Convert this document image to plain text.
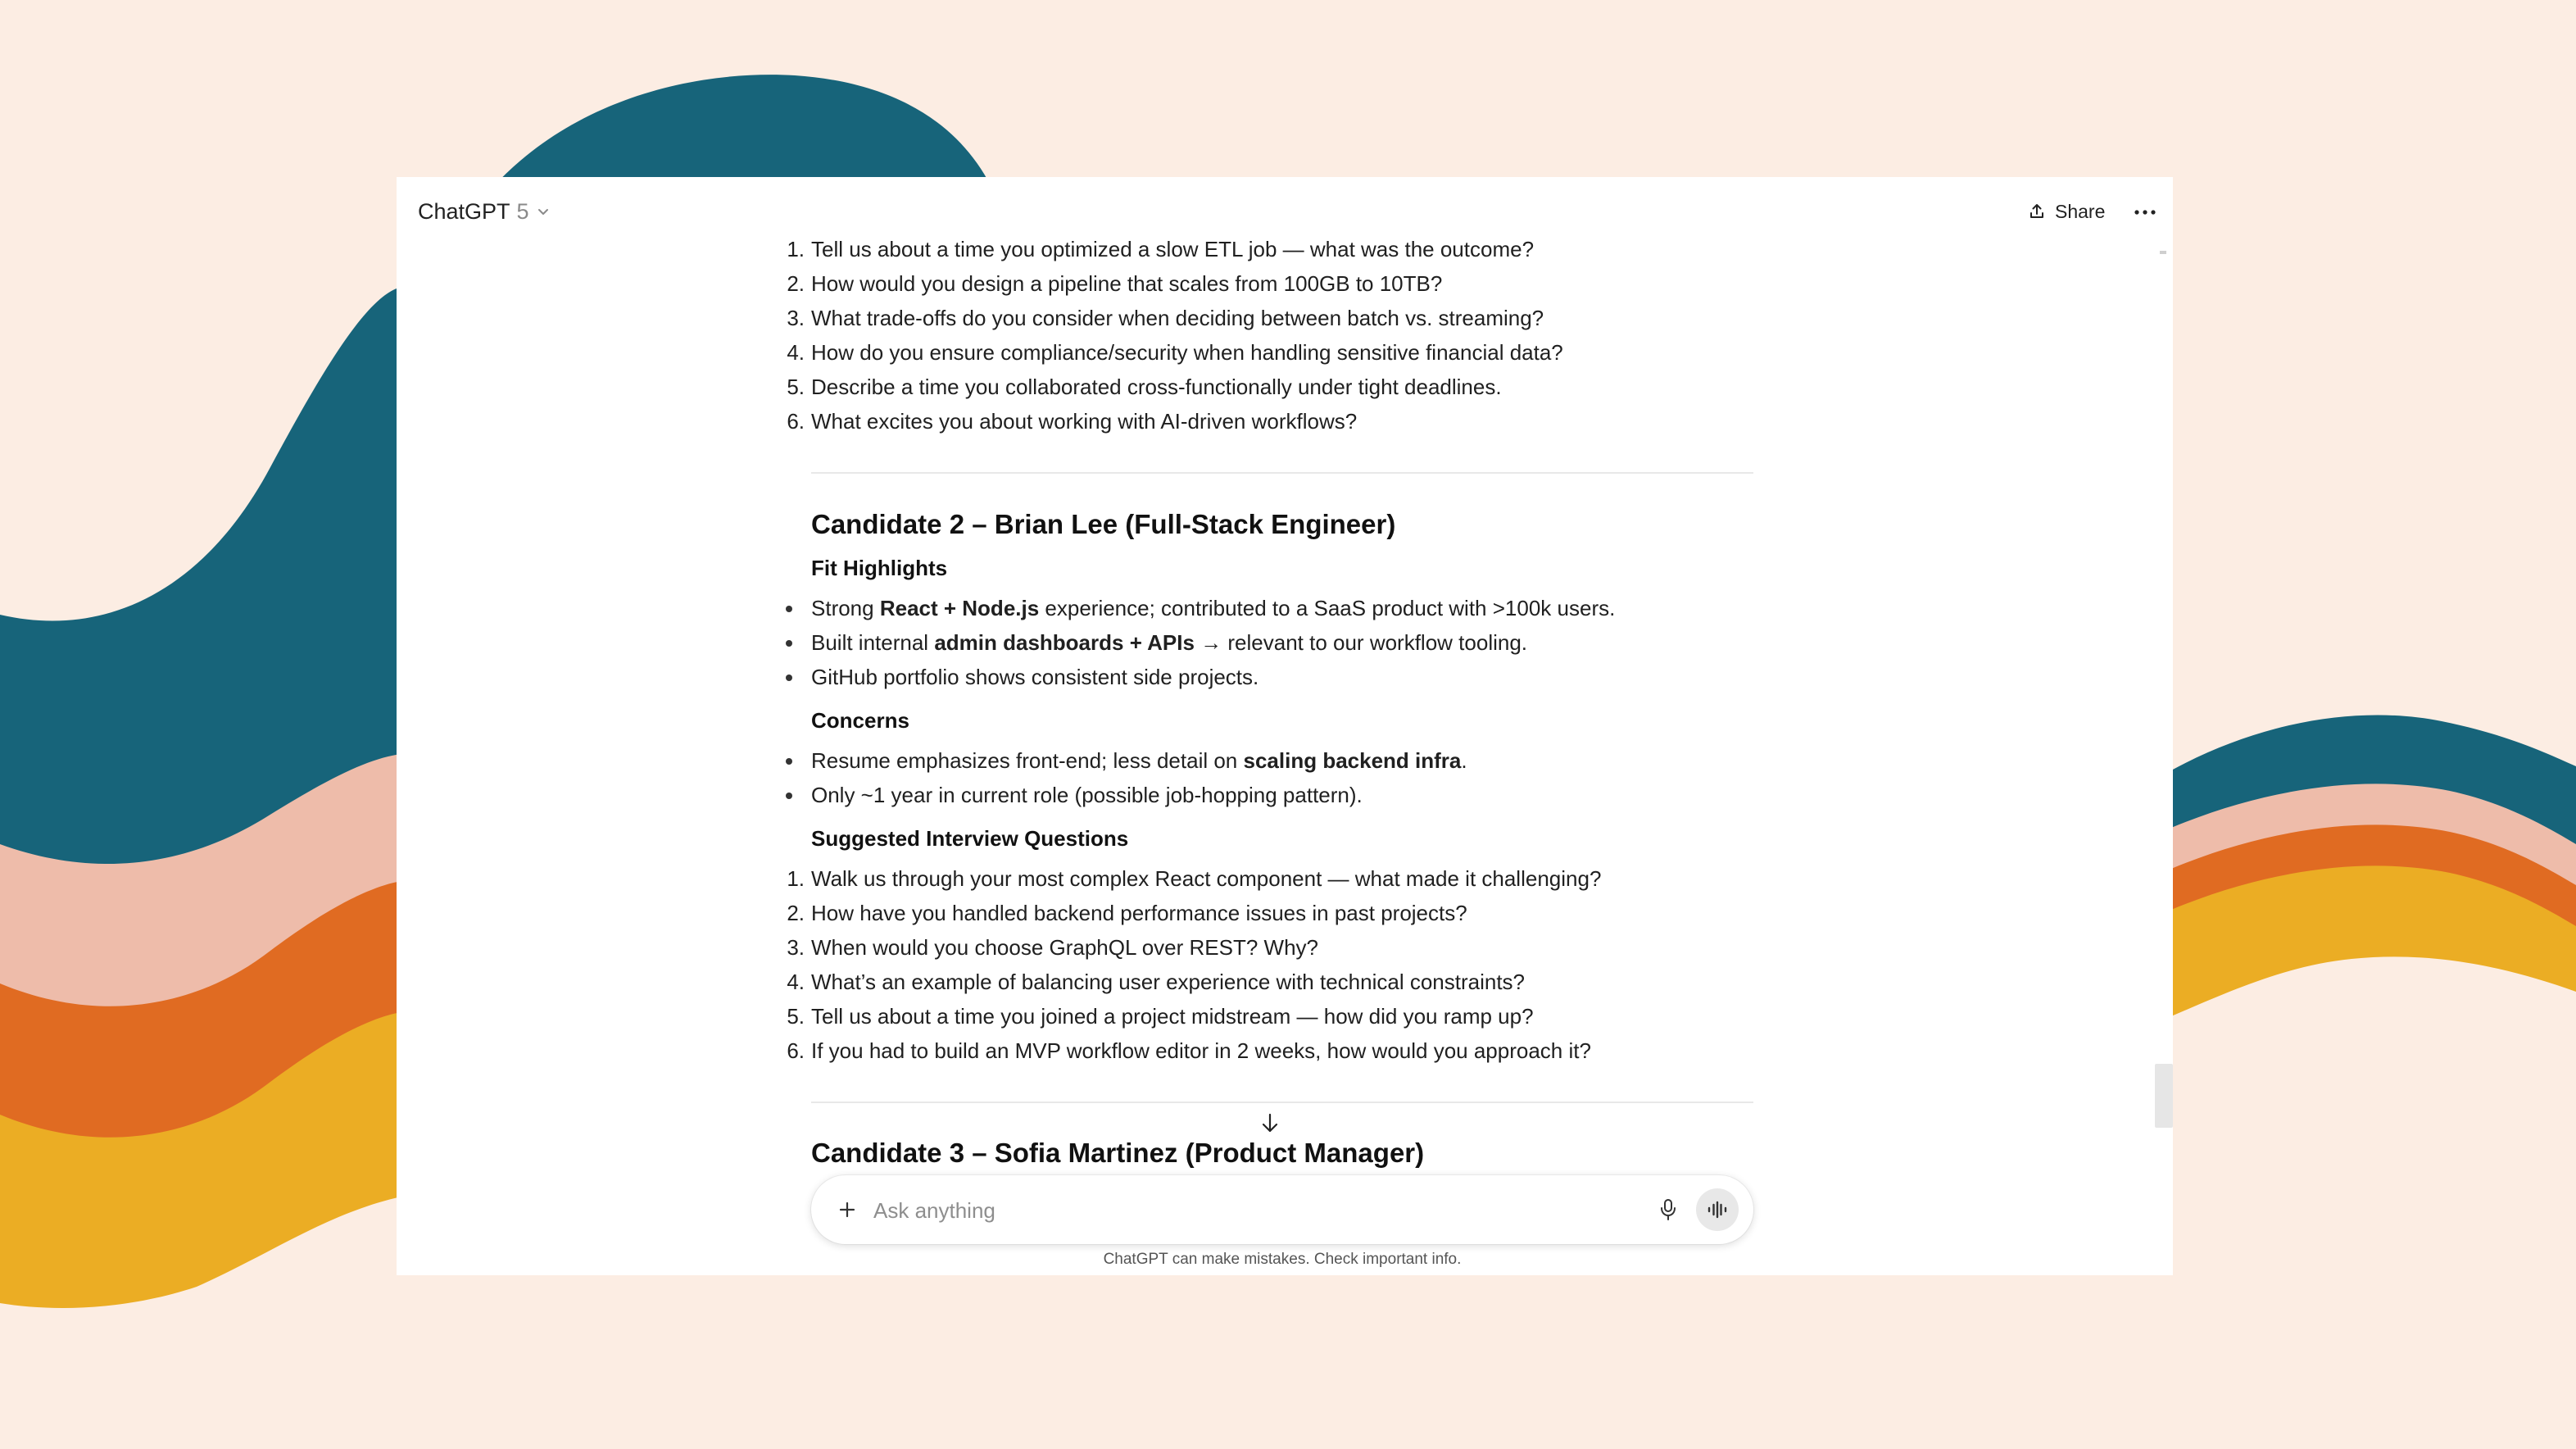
ChatGPT 5	Share
1. Tell us about a time you optimized a slow ETL job — what was the outcome?
2. How would you design a pipeline that scales from 100GB to 10TB?
3. What trade-offs do you consider when deciding between batch vs. streaming?
4. How do you ensure compliance/security when handling sensitive financial data?
5. Describe a time you collaborated cross-functionally under tight deadlines.
6. What excites you about working with AI-driven workflows?
Candidate 2 – Brian Lee (Full-Stack Engineer)
Fit Highlights
Strong React + Node.js experience; contributed to a SaaS product with >100k users.
Built internal admin dashboards + APIs → relevant to our workflow tooling.
GitHub portfolio shows consistent side projects.
Concerns
Resume emphasizes front-end; less detail on scaling backend infra.
Only ~1 year in current role (possible job-hopping pattern).
Suggested Interview Questions
1. Walk us through your most complex React component — what made it challenging?
2. How have you handled backend performance issues in past projects?
3. When would you choose GraphQL over REST? Why?
4. What’s an example of balancing user experience with technical constraints?
5. Tell us about a time you joined a project midstream — how did you ramp up?
6. If you had to build an MVP workflow editor in 2 weeks, how would you approach it?
Candidate 3 – Sofia Martinez (Product Manager)
Ask anything
ChatGPT can make mistakes. Check important info.
